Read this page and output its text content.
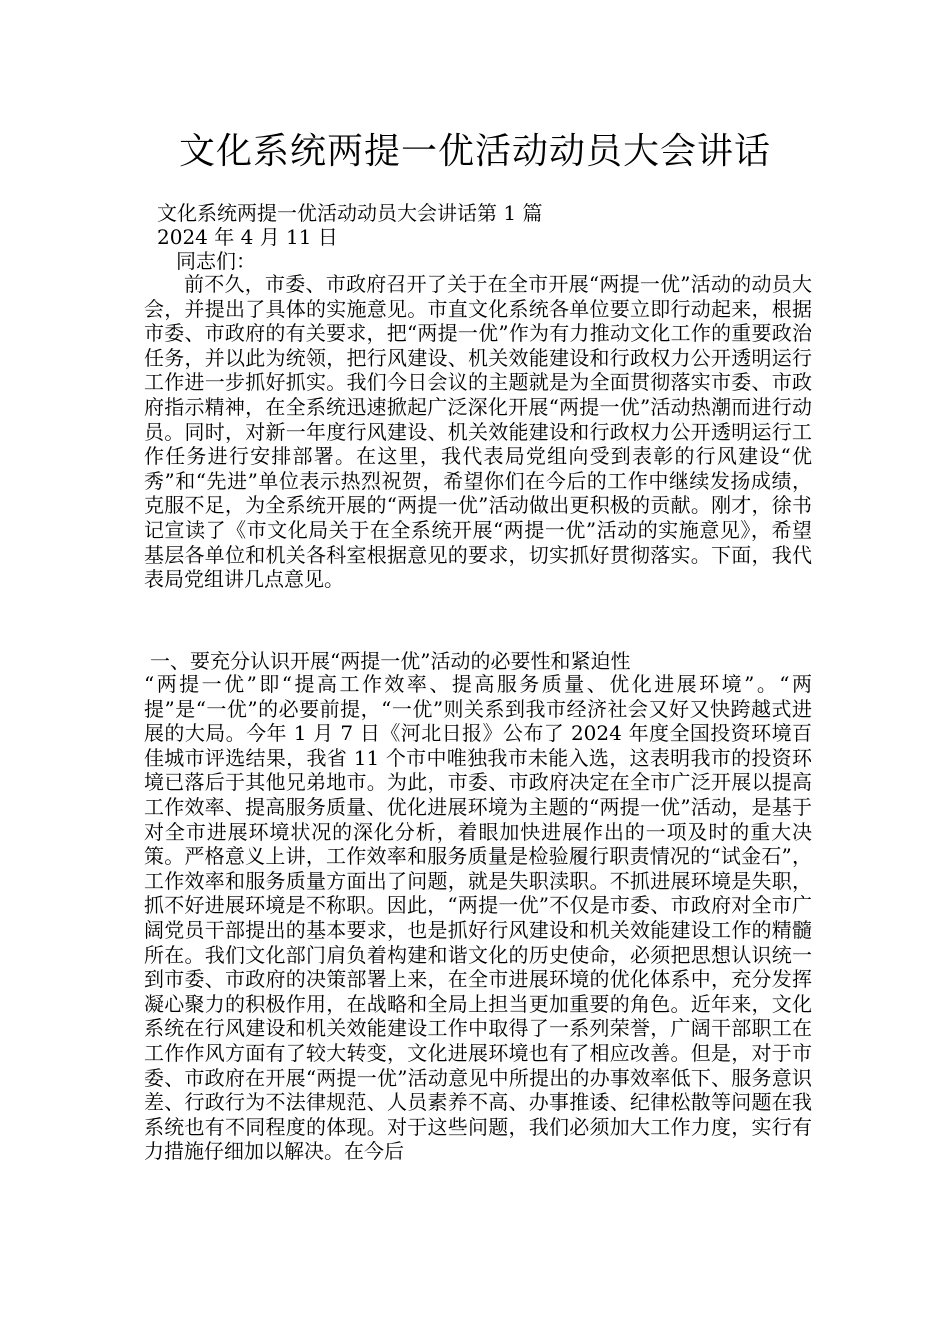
文化系统两提一优活动动员大会讲话
文化系统两提一优活动动员大会讲话第 1 篇
2024 年 4 月 11 日
同志们：
前不久，市委、市政府召开了关于在全市开展“两提一优”活动的动员大会，并提出了具体的实施意见。市直文化系统各单位要立即行动起来，根据市委、市政府的有关要求，把“两提一优”作为有力推动文化工作的重要政治任务，并以此为统领，把行风建设、机关效能建设和行政权力公开透明运行工作进一步抓好抓实。我们今日会议的主题就是为全面贯彻落实市委、市政府指示精神，在全系统迅速掀起广泛深化开展“两提一优”活动热潮而进行动员。同时，对新一年度行风建设、机关效能建设和行政权力公开透明运行工作任务进行安排部署。在这里，我代表局党组向受到表彰的行风建设“优秀”和“先进”单位表示热烈祝贺，希望你们在今后的工作中继续发扬成绩，克服不足，为全系统开展的“两提一优”活动做出更积极的贡献。刚才，徐书记宣读了《市文化局关于在全系统开展“两提一优”活动的实施意见》，希望基层各单位和机关各科室根据意见的要求，切实抓好贯彻落实。下面，我代表局党组讲几点意见。
一、要充分认识开展“两提一优”活动的必要性和紧迫性
“两提一优”即“提高工作效率、提高服务质量、优化进展环境”。“两提”是“一优”的必要前提，“一优”则关系到我市经济社会又好又快跨越式进展的大局。今年 1 月 7 日《河北日报》公布了 2024 年度全国投资环境百佳城市评选结果，我省 11 个市中唯独我市未能入选，这表明我市的投资环境已落后于其他兄弟地市。为此，市委、市政府决定在全市广泛开展以提高工作效率、提高服务质量、优化进展环境为主题的“两提一优”活动，是基于对全市进展环境状况的深化分析，着眼加快进展作出的一项及时的重大决策。严格意义上讲，工作效率和服务质量是检验履行职责情况的“试金石”，工作效率和服务质量方面出了问题，就是失职渎职。不抓进展环境是失职，抓不好进展环境是不称职。因此，“两提一优”不仅是市委、市政府对全市广阔党员干部提出的基本要求，也是抓好行风建设和机关效能建设工作的精髓所在。我们文化部门肩负着构建和谐文化的历史使命，必须把思想认识统一到市委、市政府的决策部署上来，在全市进展环境的优化体系中，充分发挥凝心聚力的积极作用，在战略和全局上担当更加重要的角色。近年来，文化系统在行风建设和机关效能建设工作中取得了一系列荣誉，广阔干部职工在工作作风方面有了较大转变，文化进展环境也有了相应改善。但是，对于市委、市政府在开展“两提一优”活动意见中所提出的办事效率低下、服务意识差、行政行为不法律规范、人员素养不高、办事推诿、纪律松散等问题在我系统也有不同程度的体现。对于这些问题，我们必须加大工作力度，实行有力措施仔细加以解决。在今后
